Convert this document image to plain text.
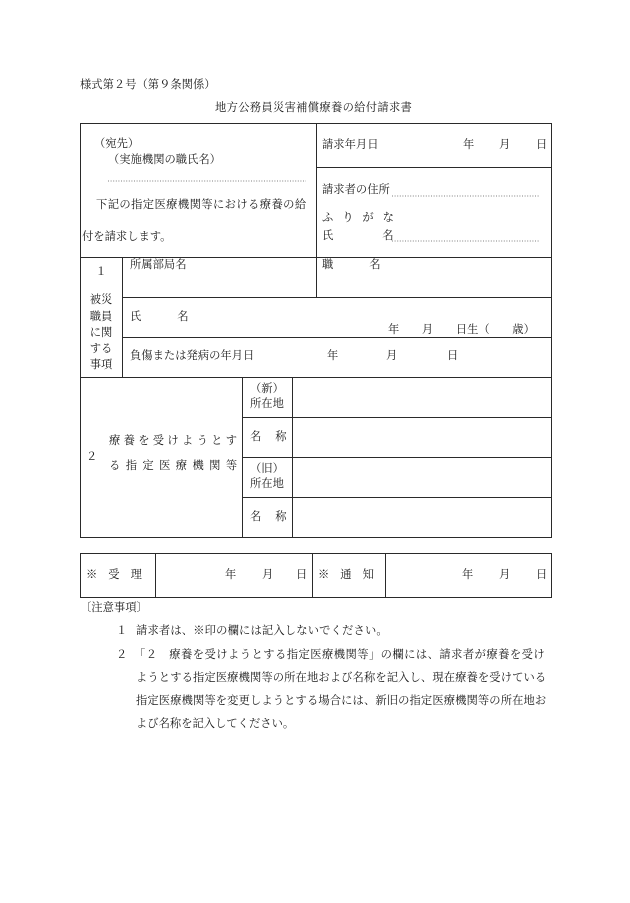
様式第２号（第９条関係）
地方公務員災害補償療養の給付請求書
（宛先）
（実施機関の職氏名）
下記の指定医療機関等における療養の給
付を請求します。
請求年月日	年 月 日
請求者の住所
ふりがな
氏名
１
被災
職員
に関
する
事項
所属部局名	職名
氏名
年　　月　　日生（　　歳）
負傷または発病の年月日	年	月	日
２
療養を受けようとす
る指定医療機関等
（新）
所在地
名称
（旧）
所在地
名称
※受理	年 月 日 ※通知	年 月 日
〔注意事項〕
１ 請求者は、※印の欄には記入しないでください。
２ 「２　療養を受けようとする指定医療機関等」の欄には、請求者が療養を受け
ようとする指定医療機関等の所在地および名称を記入し、現在療養を受けている
指定医療機関等を変更しようとする場合には、新旧の指定医療機関等の所在地お
よび名称を記入してください。
